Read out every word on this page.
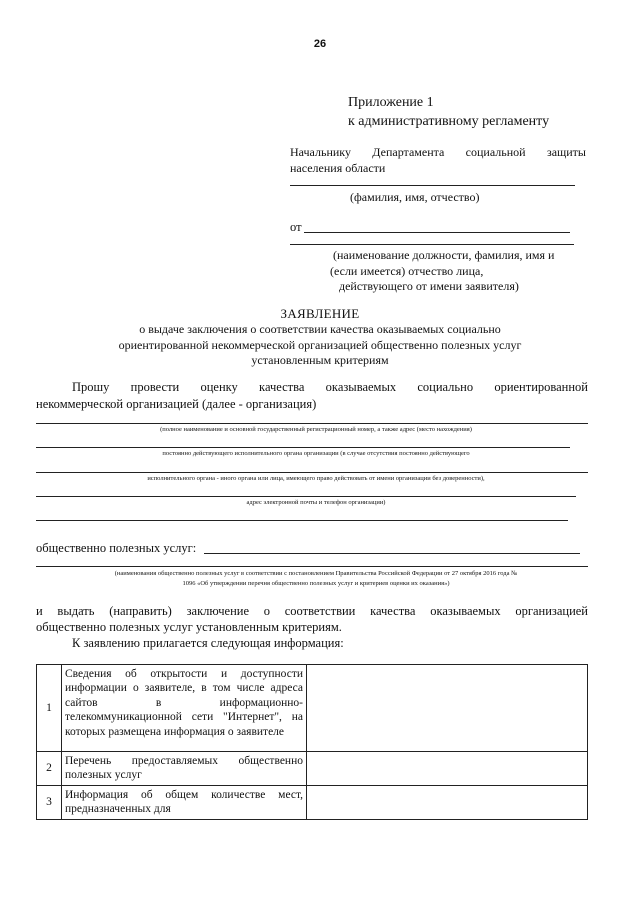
26
Приложение 1
к административному регламенту
Начальнику Департамента социальной защиты
населения области
(фамилия, имя, отчество)
от
(наименование должности, фамилия, имя и
(если имеется) отчество лица,
действующего от имени заявителя)
ЗАЯВЛЕНИЕ
о выдаче заключения о соответствии качества оказываемых социально
ориентированной некоммерческой организацией общественно полезных услуг
установленным критериям
Прошу провести оценку качества оказываемых социально ориентированной
некоммерческой организацией (далее - организация)
(полное наименование и основной государственный регистрационный номер, а также адрес (место нахождения)
постоянно действующего исполнительного органа организации (в случае отсутствия постоянно действующего
исполнительного органа - иного органа или лица, имеющего право действовать от имени организации без доверенности),
адрес электронной почты и телефон организации)
общественно полезных услуг:
(наименования общественно полезных услуг в соответствии с постановлением Правительства Российской Федерации от 27 октября 2016 года №
1096 «Об утверждении перечня общественно полезных услуг и критериев оценки их оказания»)
и выдать (направить) заключение о соответствии качества оказываемых организацией
общественно полезных услуг установленным критериям.
К заявлению прилагается следующая информация:
1	Сведения об открытости и доступности информации о заявителе, в том числе адреса сайтов в информационно-телекоммуникационной сети "Интернет", на которых размещена информация о заявителе	
2	Перечень предоставляемых общественно полезных услуг	
3	Информация об общем количестве мест, предназначенных для	
